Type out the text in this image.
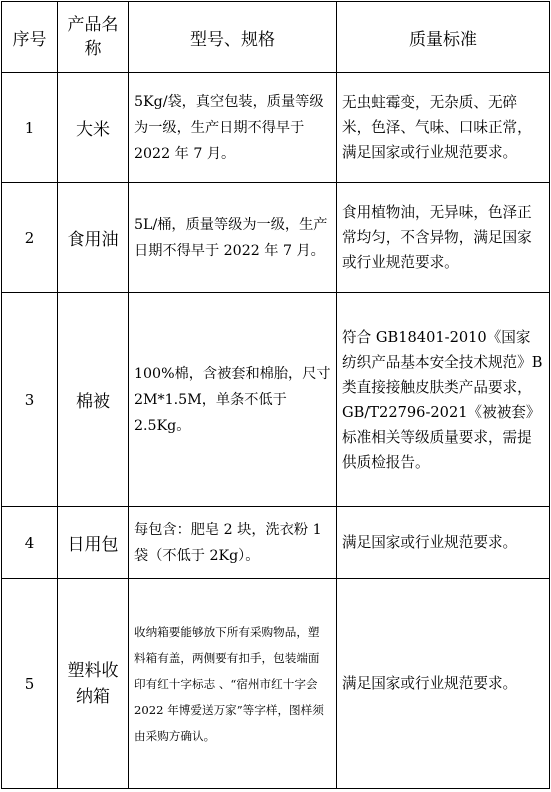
序号	产品名称	型号、规格	质量标准
1	大米	5Kg/袋，真空包装，质量等级为一级，生产日期不得早于 2022 年 7 月。	无虫蛀霉变，无杂质、无碎米，色泽、气味、口味正常，满足国家或行业规范要求。
2	食用油	5L/桶，质量等级为一级，生产日期不得早于 2022 年 7 月。	食用植物油，无异味，色泽正常均匀，不含异物，满足国家或行业规范要求。
3	棉被	100%棉，含被套和棉胎，尺寸 2M*1.5M，单条不低于 2.5Kg。	符合 GB18401-2010《国家纺织产品基本安全技术规范》B 类直接接触皮肤类产品要求，GB/T22796-2021《被被套》标准相关等级质量要求，需提供质检报告。
4	日用包	每包含：肥皂 2 块，洗衣粉 1 袋（不低于 2Kg）。	满足国家或行业规范要求。
5	塑料收纳箱	收纳箱要能够放下所有采购物品，塑料箱有盖，两侧要有扣手，包装端面印有红十字标志 、“宿州市红十字会 2022 年博爱送万家”等字样，图样须由采购方确认。	满足国家或行业规范要求。
